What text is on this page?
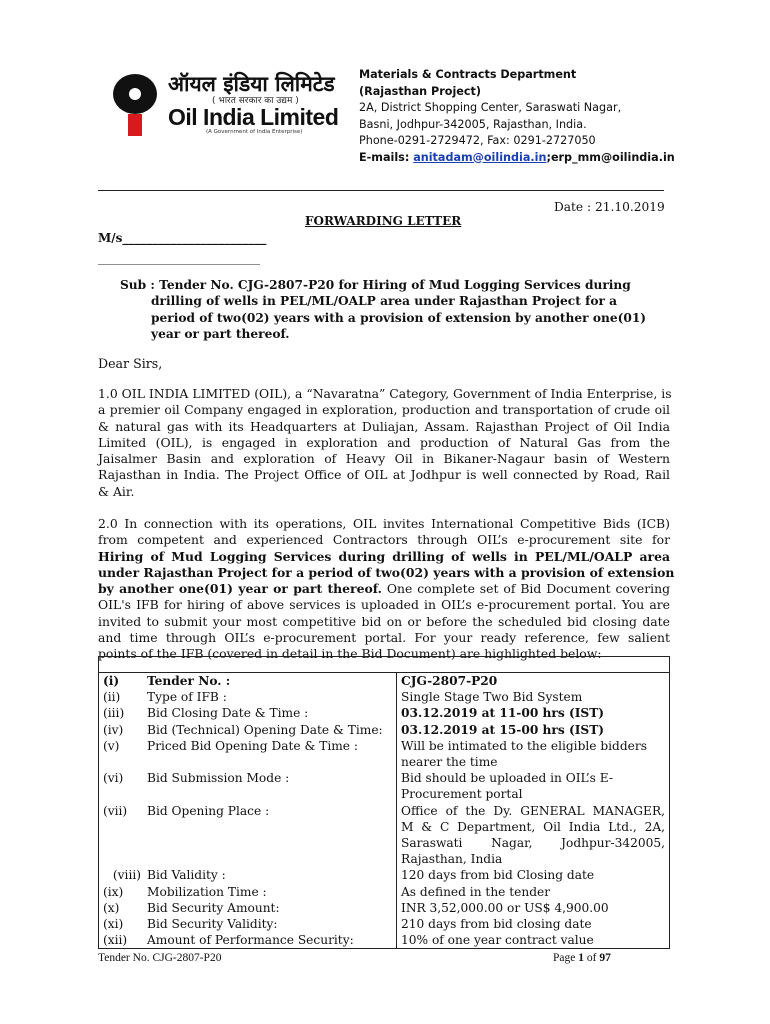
ऑयल इंडिया लिमिटेड
( भारत सरकार का उद्यम )
Oil India Limited
(A Government of India Enterprise)
Materials & Contracts Department
(Rajasthan Project)
2A, District Shopping Center, Saraswati Nagar,
Basni, Jodhpur-342005, Rajasthan, India.
Phone-0291-2729472, Fax: 0291-2727050
E-mails: anitadam@oilindia.in;erp_mm@oilindia.in
Date : 21.10.2019
FORWARDING LETTER
M/s________________________
___________________________
Sub : Tender No. CJG-2807-P20 for Hiring of Mud Logging Services during
drilling of wells in PEL/ML/OALP area under Rajasthan Project for a
period of two(02) years with a provision of extension by another one(01)
year or part thereof.
Dear Sirs,
1.0 OIL INDIA LIMITED (OIL), a “Navaratna” Category, Government of India Enterprise, is
a premier oil Company engaged in exploration, production and transportation of crude oil
& natural gas with its Headquarters at Duliajan, Assam. Rajasthan Project of Oil India
Limited (OIL), is engaged in exploration and production of Natural Gas from the
Jaisalmer Basin and exploration of Heavy Oil in Bikaner-Nagaur basin of Western
Rajasthan in India. The Project Office of OIL at Jodhpur is well connected by Road, Rail
& Air.
2.0 In connection with its operations, OIL invites International Competitive Bids (ICB)
from competent and experienced Contractors through OIL’s e-procurement site for
Hiring of Mud Logging Services during drilling of wells in PEL/ML/OALP area
under Rajasthan Project for a period of two(02) years with a provision of extension
by another one(01) year or part thereof. One complete set of Bid Document covering
OIL's IFB for hiring of above services is uploaded in OIL’s e-procurement portal. You are
invited to submit your most competitive bid on or before the scheduled bid closing date
and time through OIL’s e-procurement portal. For your ready reference, few salient
points of the IFB (covered in detail in the Bid Document) are highlighted below:

(i)	Tender No. :	CJG-2807-P20
(ii)	Type of IFB :	Single Stage Two Bid System
(iii)	Bid Closing Date & Time :	03.12.2019 at 11-00 hrs (IST)
(iv)	Bid (Technical) Opening Date & Time:	03.12.2019 at 15-00 hrs (IST)
(v)	Priced Bid Opening Date & Time :	Will be intimated to the eligible bidders
nearer the time

(vi)	Bid Submission Mode :	Bid should be uploaded in OIL’s E-
Procurement portal

(vii)	Bid Opening Place :	Office of the Dy. GENERAL MANAGER,
M & C Department, Oil India Ltd., 2A,
Saraswati Nagar, Jodhpur-342005,
Rajasthan, India

(viii)	Bid Validity :	120 days from bid Closing date
(ix)	Mobilization Time :	As defined in the tender
(x)	Bid Security Amount:	INR 3,52,000.00 or US$ 4,900.00
(xi)	Bid Security Validity:	210 days from bid closing date
(xii)	Amount of Performance Security:	10% of one year contract value
Tender No. CJG-2807-P20	Page 1 of 97
